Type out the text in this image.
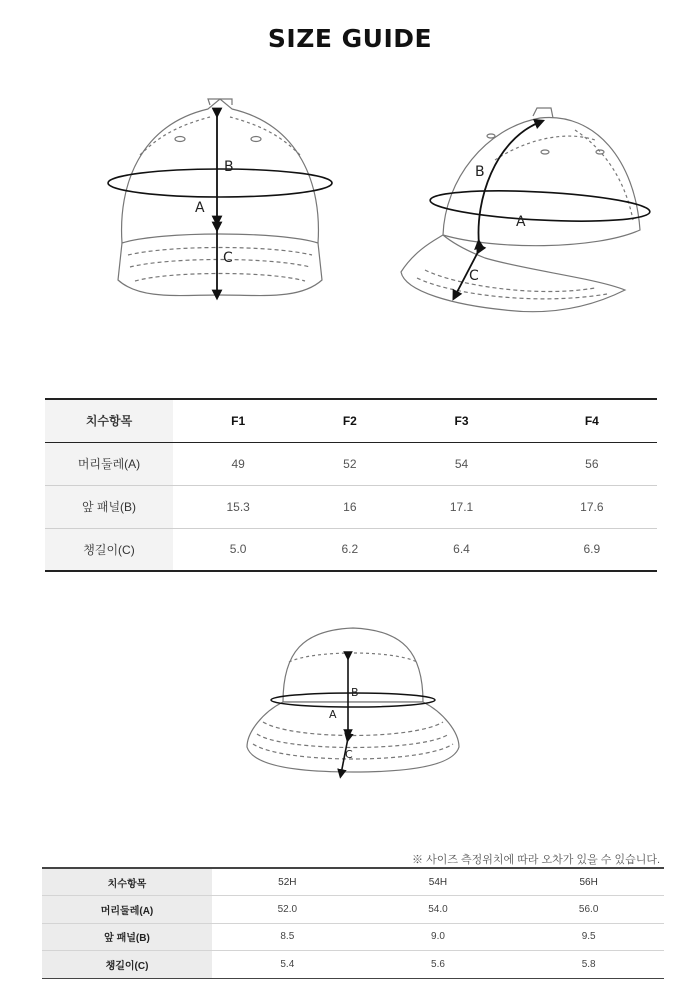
SIZE GUIDE
B
A
C
B
A
C
치수항목	F1	F2	F3	F4
머리둘레(A)	49	52	54	56
앞 패널(B)	15.3	16	17.1	17.6
챙길이(C)	5.0	6.2	6.4	6.9
B
A
C
※ 사이즈 측정위치에 따라 오차가 있을 수 있습니다.
치수항목	52H	54H	56H
머리둘레(A)	52.0	54.0	56.0
앞 패널(B)	8.5	9.0	9.5
챙길이(C)	5.4	5.6	5.8
